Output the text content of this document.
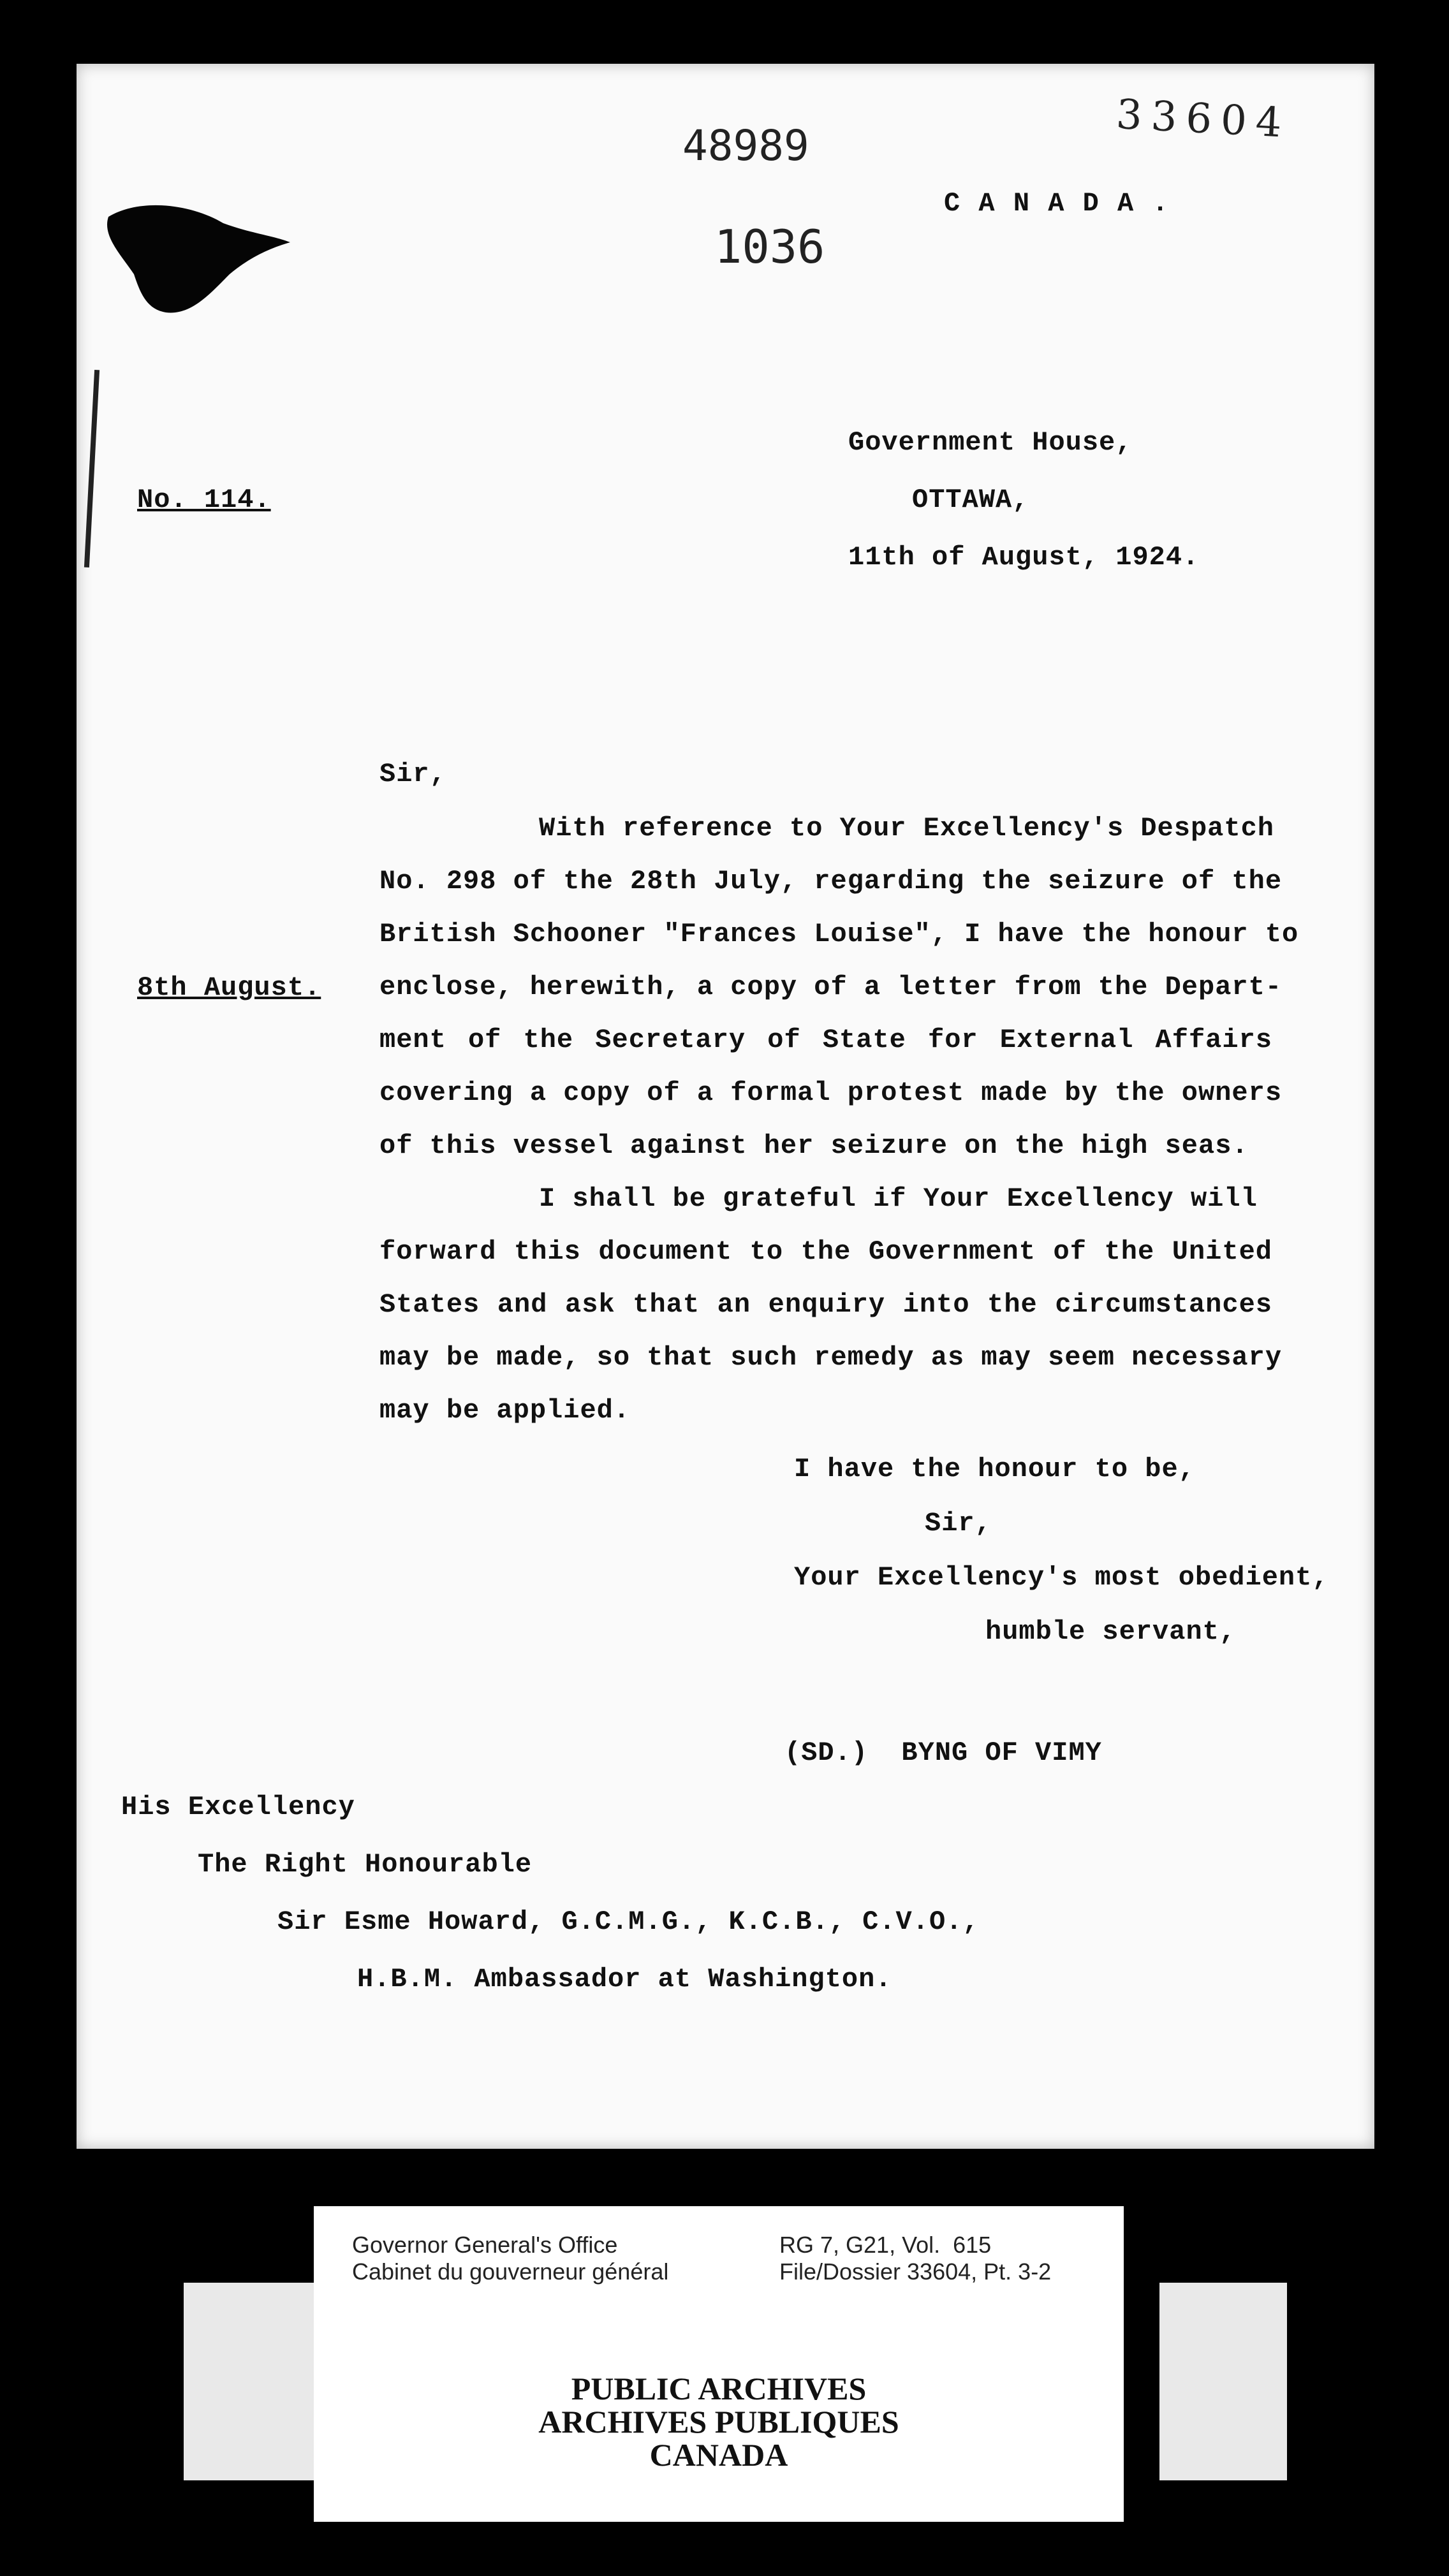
48989	33604
1036
C A N A D A .
No. 114.
Government House,
OTTAWA,
11th of August, 1924.
Sir,
8th August.
With reference to Your Excellency's Despatch
No. 298 of the 28th July, regarding the seizure of the
British Schooner "Frances Louise", I have the honour to
enclose, herewith, a copy of a letter from the Depart-
ment of the Secretary of State for External Affairs
covering a copy of a formal protest made by the owners
of this vessel against her seizure on the high seas.
I shall be grateful if Your Excellency will
forward this document to the Government of the United
States and ask that an enquiry into the circumstances
may be made, so that such remedy as may seem necessary
may be applied.
I have the honour to be,
Sir,
Your Excellency's most obedient,
humble servant,
(SD.)  BYNG OF VIMY
His Excellency
The Right Honourable
Sir Esme Howard, G.C.M.G., K.C.B., C.V.O.,
H.B.M. Ambassador at Washington.
Governor General's Office
Cabinet du gouverneur général
RG 7, G21, Vol.  615
File/Dossier 33604, Pt. 3-2
PUBLIC ARCHIVES
ARCHIVES PUBLIQUES
CANADA
